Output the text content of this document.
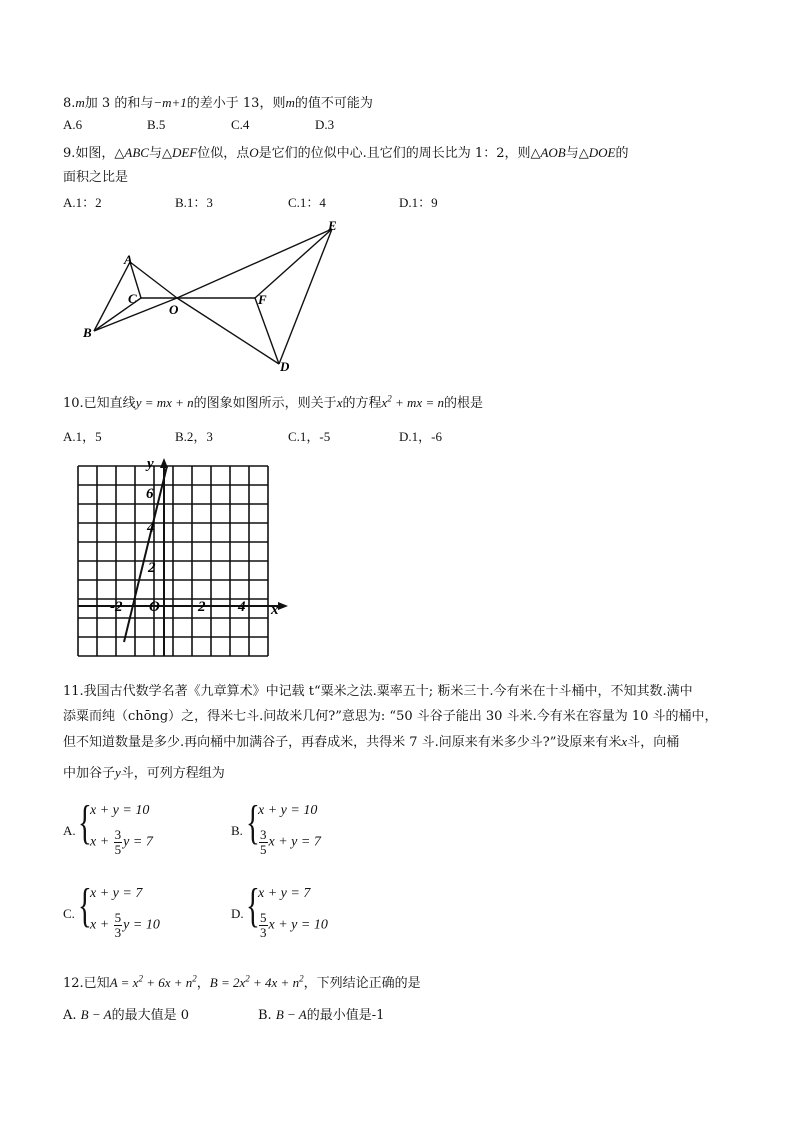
8.m加 3 的和与−m+1的差小于 13，则m的值不可能为
A.6	B.5	C.4	D.3
9.如图，△ABC与△DEF位似，点O是它们的位似中心.且它们的周长比为 1：2，则△AOB与△DOE的
面积之比是
A.1：2	B.1：3	C.1：4	D.1：9
A
B
C
O
F
E
D
10.已知直线y = mx + n的图象如图所示，则关于x的方程$x^2$ + mx = n的根是
A.1，5	B.2，3	C.1，-5	D.1，-6
y
x
6
4
2
O
-2	2 4
11.我国古代数学名著《九章算术》中记载 t“粟米之法.粟率五十; 粝米三十.今有米在十斗桶中，不知其数.满中
添粟而纯（chōng）之，得米七斗.问故米几何?”意思为: “50 斗谷子能出 30 斗米.今有米在容量为 10 斗的桶中，
但不知道数量是多少.再向桶中加满谷子，再舂成米，共得米 7 斗.问原来有米多少斗?”设原来有米x斗，向桶
中加谷子y斗，可列方程组为
A. {
x + y = 10
$x + \frac{3}{5}$ y = 7
B. {
x + y = 10
$\frac{3}{5}$ x + y = 7
C. {
x + y = 7
$x + \frac{5}{3}$ y = 10
D. {
x + y = 7
$\frac{5}{3}$ x + y = 10
12.已知$A = x^2 + 6x + n^2$，$B = 2x^2 + 4x + n^2$，下列结论正确的是
A. B − A的最大值是 0	B. B − A的最小值是-1
